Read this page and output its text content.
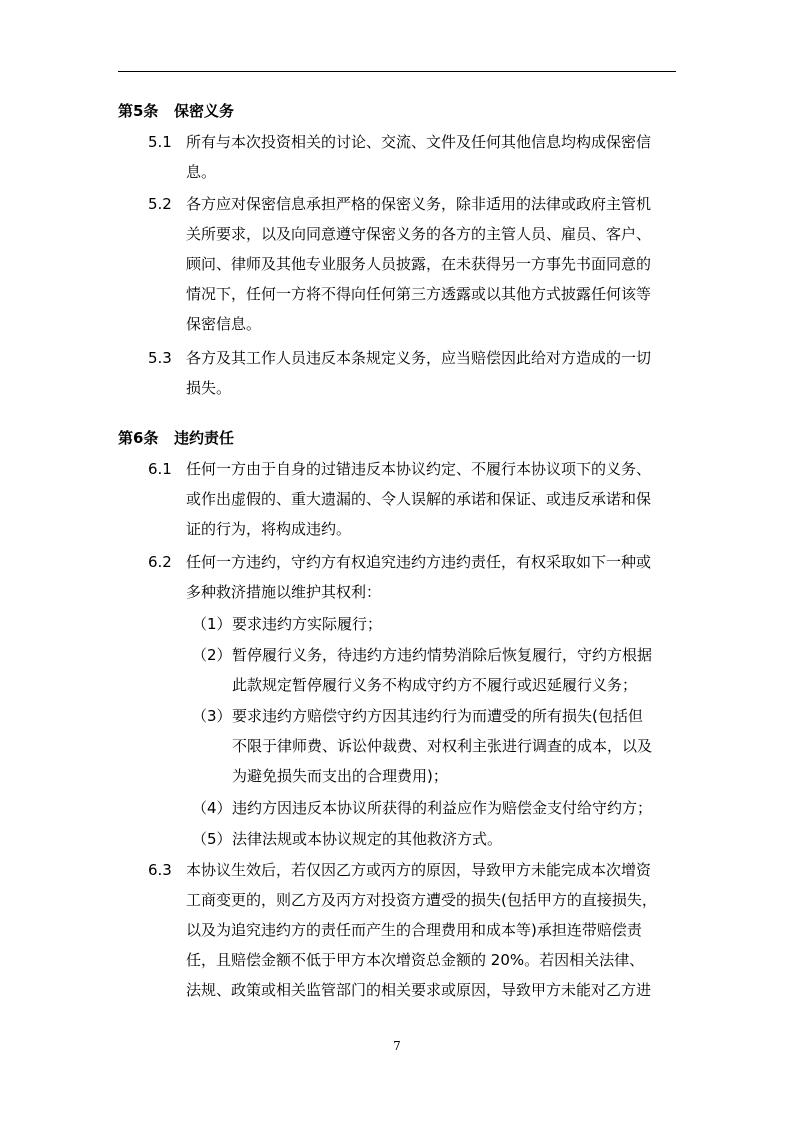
第5条	保密义务
5.1 所有与本次投资相关的讨论、交流、文件及任何其他信息均构成保密信
息。
5.2 各方应对保密信息承担严格的保密义务，除非适用的法律或政府主管机
关所要求，以及向同意遵守保密义务的各方的主管人员、雇员、客户、
顾问、律师及其他专业服务人员披露，在未获得另一方事先书面同意的
情况下，任何一方将不得向任何第三方透露或以其他方式披露任何该等
保密信息。
5.3 各方及其工作人员违反本条规定义务，应当赔偿因此给对方造成的一切
损失。
第6条	违约责任
6.1 任何一方由于自身的过错违反本协议约定、不履行本协议项下的义务、
或作出虚假的、重大遗漏的、令人误解的承诺和保证、或违反承诺和保
证的行为，将构成违约。
6.2 任何一方违约，守约方有权追究违约方违约责任，有权采取如下一种或
多种救济措施以维护其权利：
（1） 要求违约方实际履行；
（2） 暂停履行义务，待违约方违约情势消除后恢复履行，守约方根据
此款规定暂停履行义务不构成守约方不履行或迟延履行义务；
（3） 要求违约方赔偿守约方因其违约行为而遭受的所有损失(包括但
不限于律师费、诉讼仲裁费、对权利主张进行调查的成本，以及
为避免损失而支出的合理费用)；
（4） 违约方因违反本协议所获得的利益应作为赔偿金支付给守约方；
（5） 法律法规或本协议规定的其他救济方式。
6.3 本协议生效后，若仅因乙方或丙方的原因，导致甲方未能完成本次增资
工商变更的，则乙方及丙方对投资方遭受的损失(包括甲方的直接损失，
以及为追究违约方的责任而产生的合理费用和成本等)承担连带赔偿责
任，且赔偿金额不低于甲方本次增资总金额的 20%。若因相关法律、
法规、政策或相关监管部门的相关要求或原因，导致甲方未能对乙方进
7
